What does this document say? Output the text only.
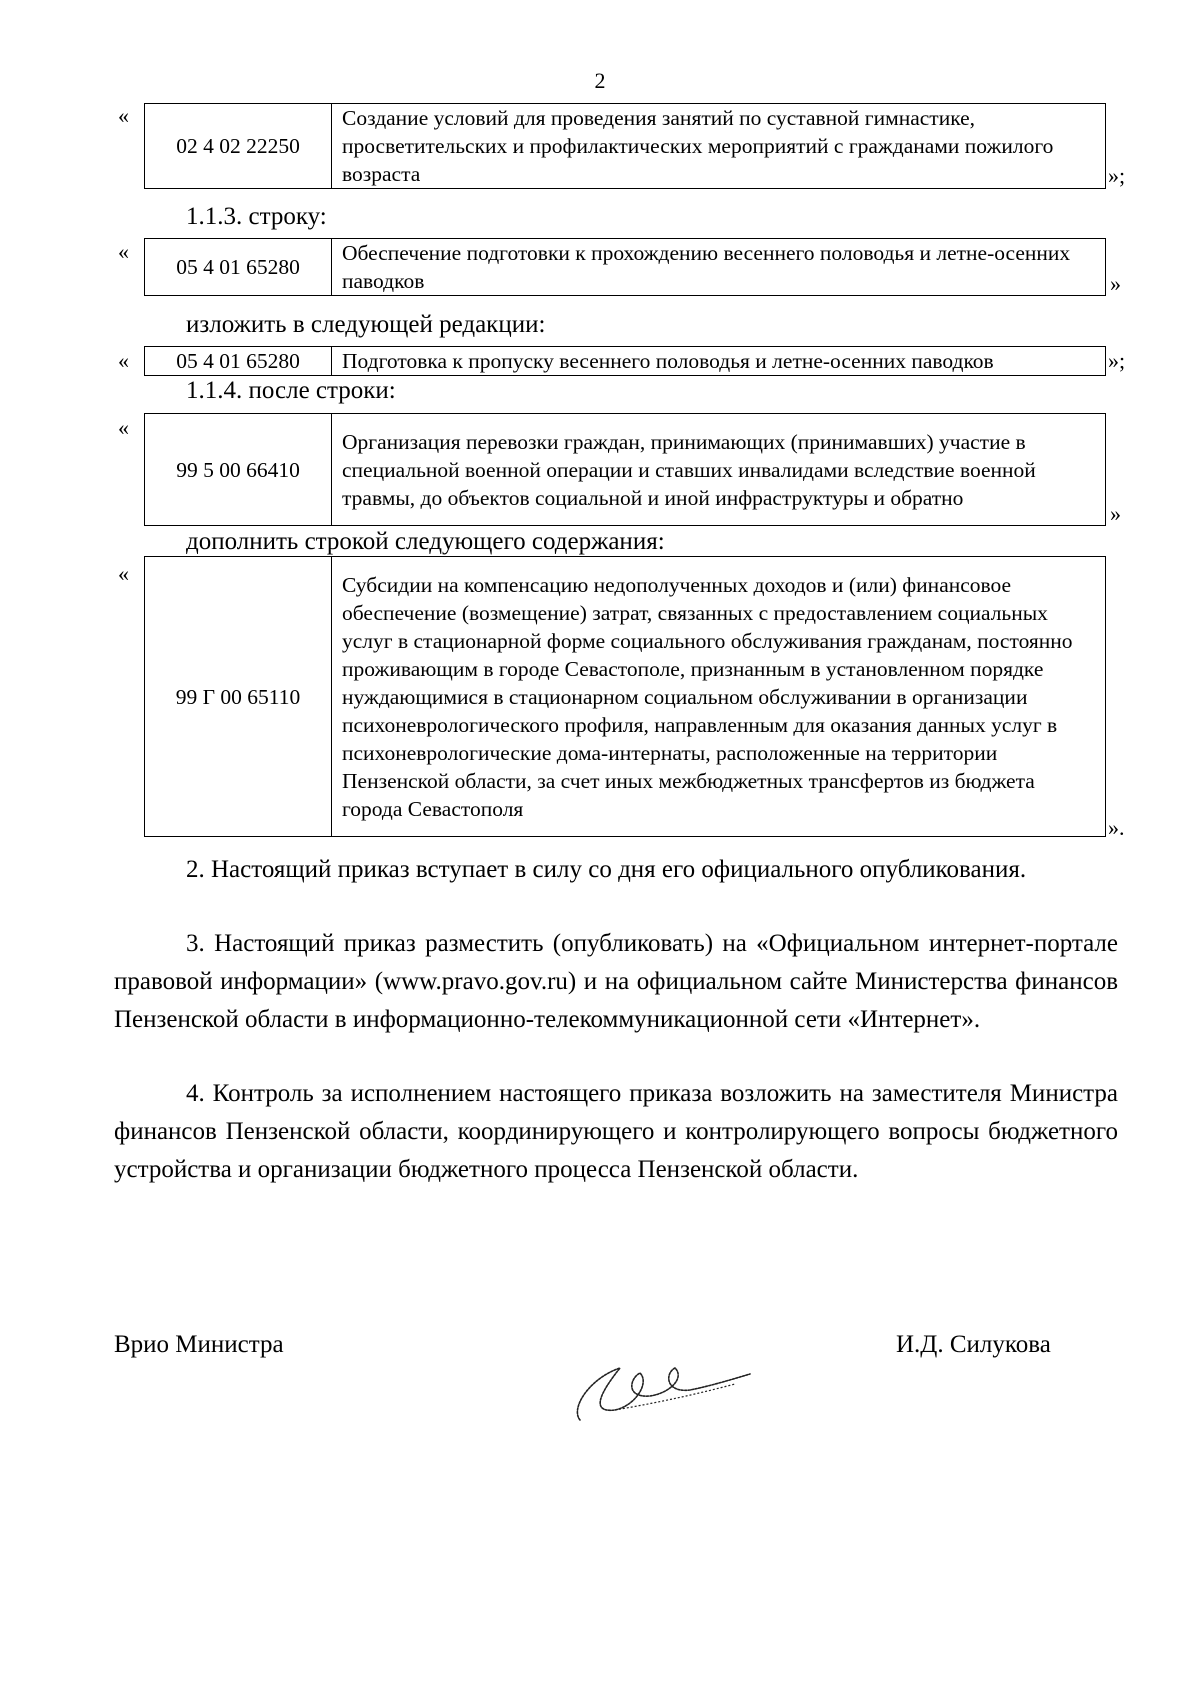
2
«
02 4 02 22250	Создание условий для проведения занятий по суставной гимнастике, просветительских и профилактических мероприятий с гражданами пожилого возраста	»;
1.1.3. строку:
«
05 4 01 65280	Обеспечение подготовки к прохождению весеннего половодья и летне-осенних паводков	»
изложить в следующей редакции:
« 05 4 01 65280	Подготовка к пропуску весеннего половодья и летне-осенних паводков	»;
1.1.4. после строки:
«
99 5 00 66410	Организация перевозки граждан, принимающих (принимавших) участие в специальной военной операции и ставших инвалидами вследствие военной травмы, до объектов социальной и иной инфраструктуры и обратно
»
дополнить строкой следующего содержания:
«
99 Г 00 65110	Субсидии на компенсацию недополученных доходов и (или) финансовое обеспечение (возмещение) затрат, связанных с предоставлением социальных услуг в стационарной форме социального обслуживания гражданам, постоянно проживающим в городе Севастополе, признанным в установленном порядке нуждающимися в стационарном социальном обслуживании в организации психоневрологического профиля, направленным для оказания данных услуг в психоневрологические дома-интернаты, расположенные на территории Пензенской области, за счет иных межбюджетных трансфертов из бюджета города Севастополя
».
2. Настоящий приказ вступает в силу со дня его официального опубликования.
3. Настоящий приказ разместить (опубликовать) на «Официальном интернет-портале правовой информации» (www.pravo.gov.ru) и на официальном сайте Министерства финансов Пензенской области в информационно-телекоммуникационной сети «Интернет».
4. Контроль за исполнением настоящего приказа возложить на заместителя Министра финансов Пензенской области, координирующего и контролирующего вопросы бюджетного устройства и организации бюджетного процесса Пензенской области.
Врио Министра	И.Д. Силукова
